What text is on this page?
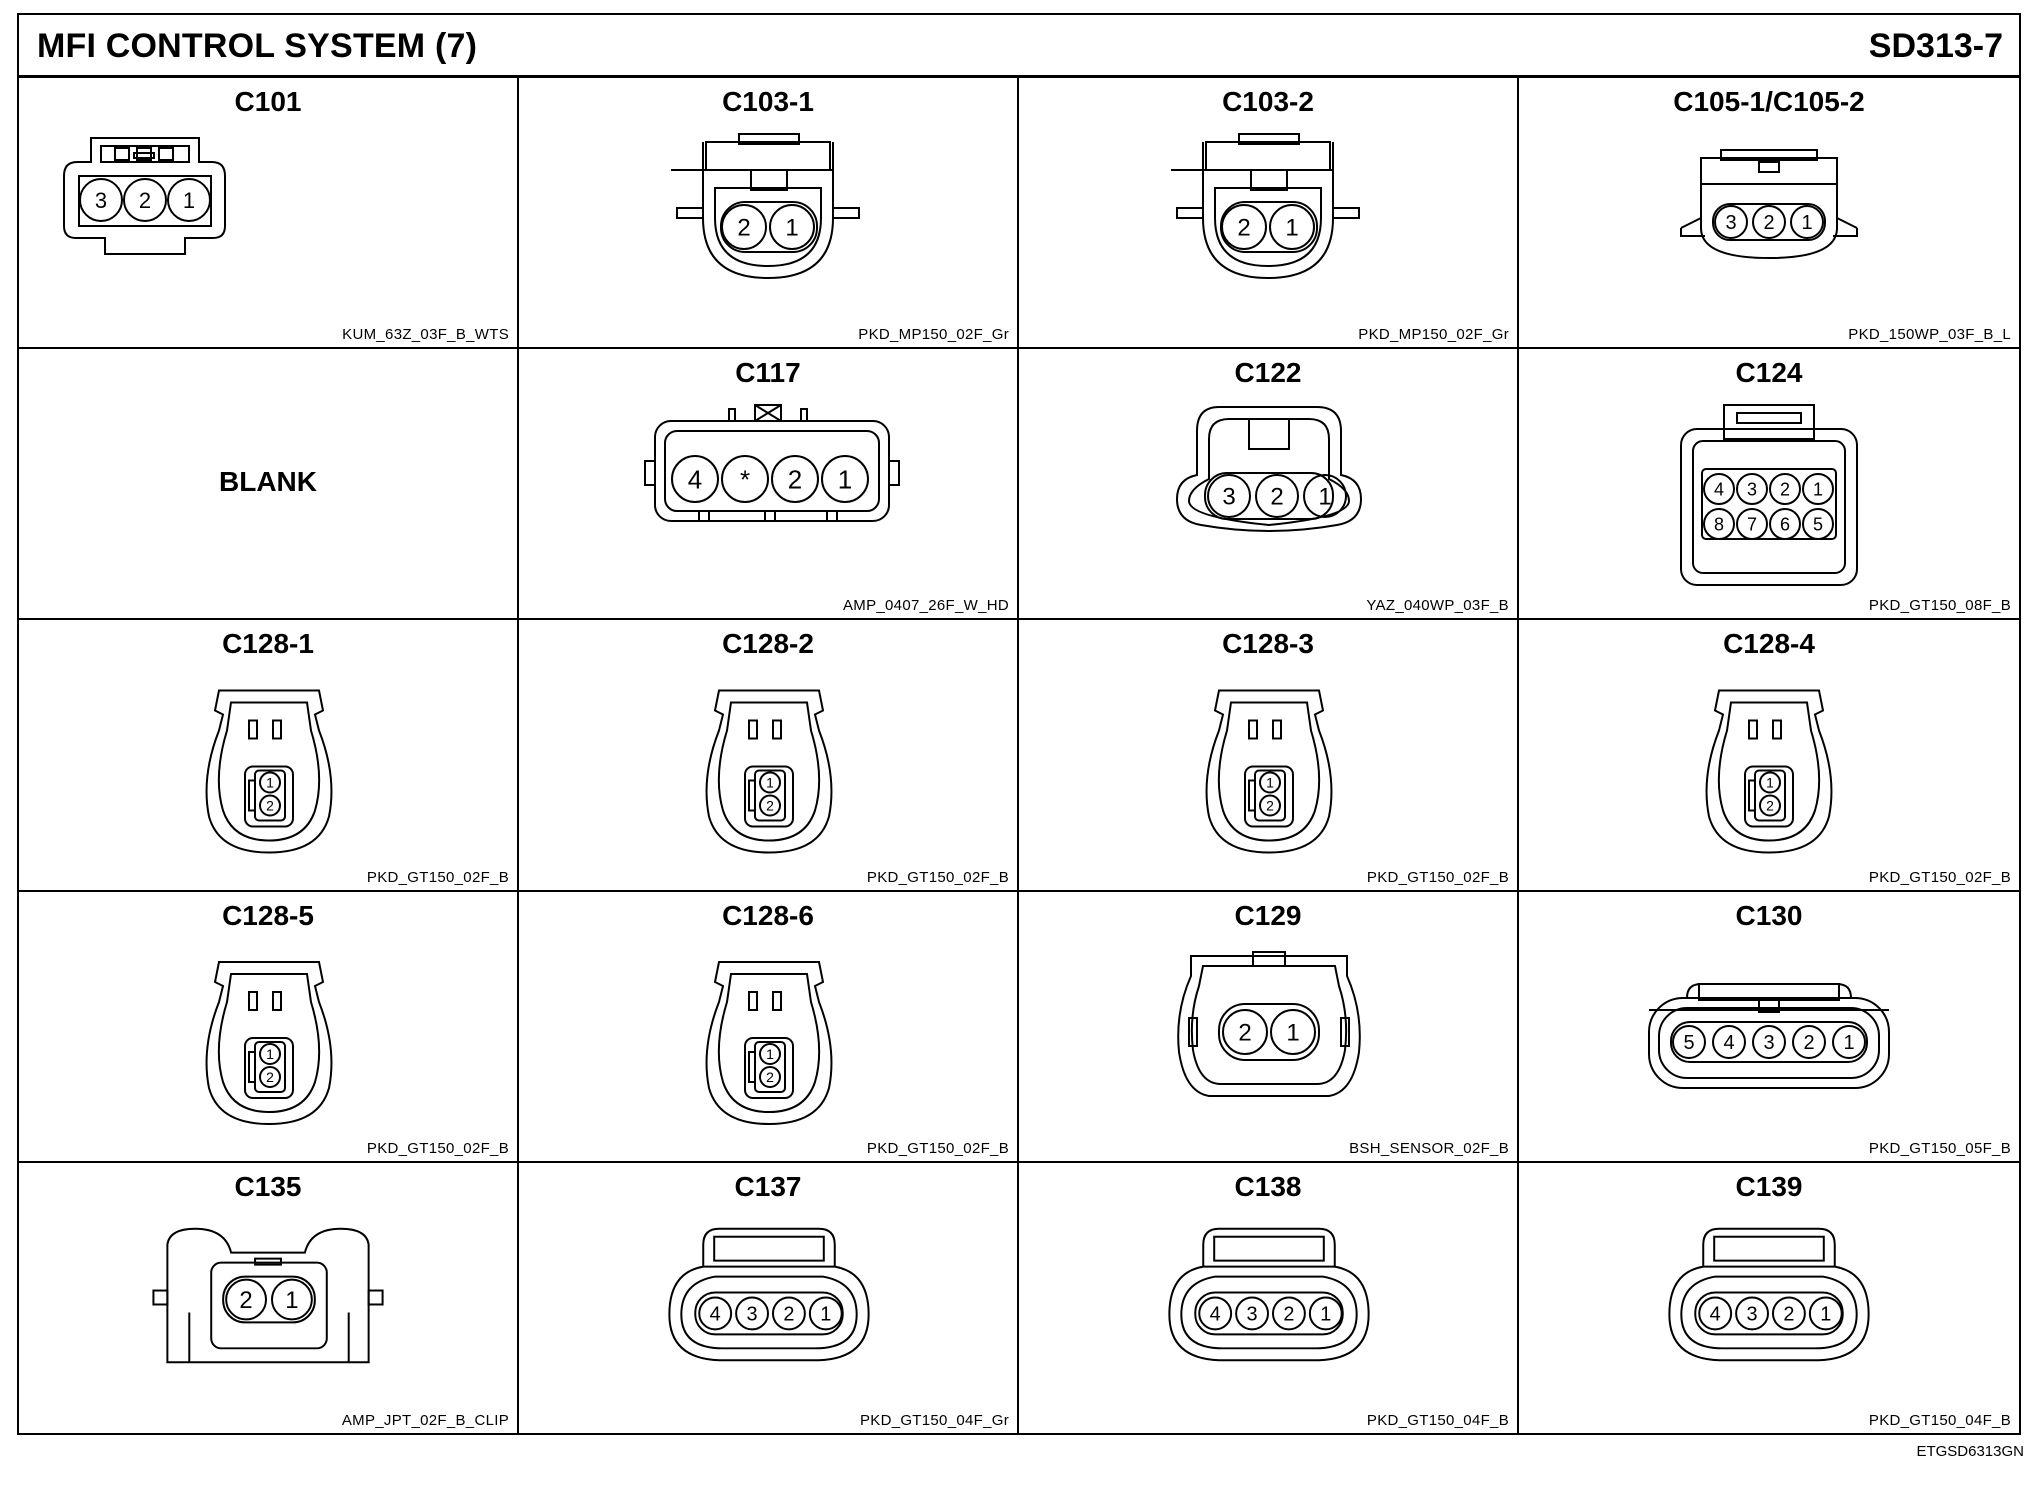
MFI CONTROL SYSTEM (7)	SD313-7
C101
3 2 1
KUM_63Z_03F_B_WTS
C103-1
2 1
PKD_MP150_02F_Gr
C103-2
2 1
PKD_MP150_02F_Gr
C105-1/C105-2
3 2 1
PKD_150WP_03F_B_L
BLANK
C117
4 * 2 1
AMP_0407_26F_W_HD
C122
3 2 1
YAZ_040WP_03F_B
C124
4 3 2 1
8 7 6 5
PKD_GT150_08F_B
C128-1
1
2
PKD_GT150_02F_B
C128-2
1
2
PKD_GT150_02F_B
C128-3
1
2
PKD_GT150_02F_B
C128-4
1
2
PKD_GT150_02F_B
C128-5
1
2
PKD_GT150_02F_B
C128-6
1
2
PKD_GT150_02F_B
C129
2 1
BSH_SENSOR_02F_B
C130
5 4 3 2 1
PKD_GT150_05F_B
C135
2 1
AMP_JPT_02F_B_CLIP
C137
4 3 2 1
PKD_GT150_04F_Gr
C138
4 3 2 1
PKD_GT150_04F_B
C139
4 3 2 1
PKD_GT150_04F_B
ETGSD6313GN
